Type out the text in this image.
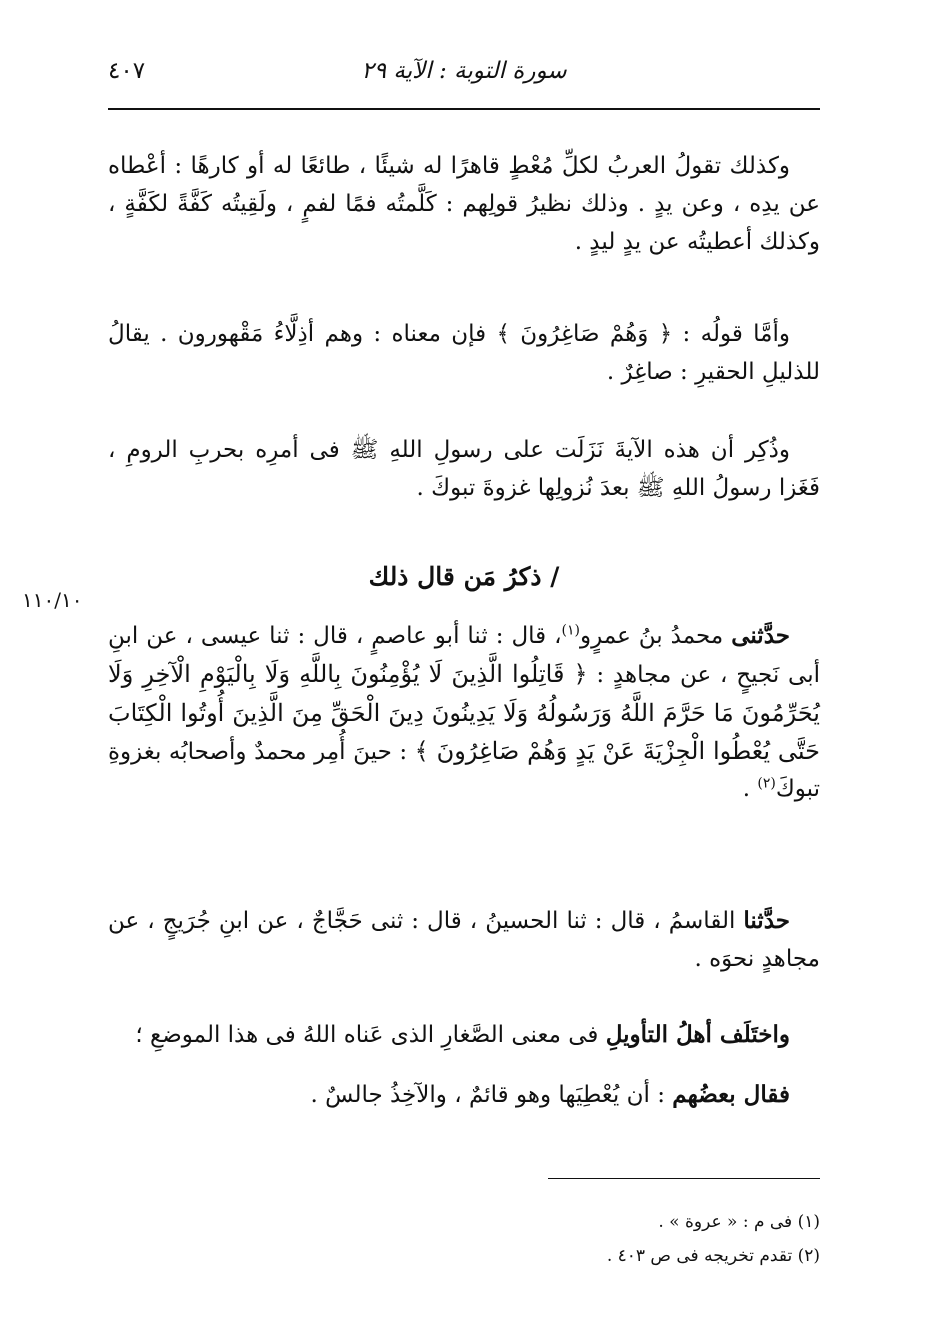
سورة التوبة : الآية ٢٩
٤٠٧

وكذلك تقولُ العربُ لكلِّ مُعْطٍ قاهرًا له شيئًا ، طائعًا له أو كارهًا : أعْطاه عن يدِه ، وعن يدٍ . وذلك نظيرُ قولِهم : كَلَّمتُه فمًا لفمٍ ، ولَقِيتُه كَفَّةً لكَفَّةٍ ، وكذلك أعطيتُه عن يدٍ ليدٍ .

وأمَّا قولُه : ﴿ وَهُمْ صَاغِرُونَ ﴾ فإن معناه : وهم أذِلَّاءُ مَقْهورون . يقالُ للذليلِ الحقيرِ : صاغِرٌ .

وذُكِر أن هذه الآيةَ نَزَلَت على رسولِ اللهِ ﷺ فى أمرِه بحربِ الرومِ ، فَغَزا رسولُ اللهِ ﷺ بعدَ نُزولِها غزوةَ تبوكَ .

/ ذكرُ مَن قال ذلك
١١٠/١٠

حدَّثنى محمدُ بنُ عمرٍو$^{(١)}$، قال : ثنا أبو عاصمٍ ، قال : ثنا عيسى ، عن ابنِ أبى نَجيحٍ ، عن مجاهدٍ : ﴿ قَاتِلُوا الَّذِينَ لَا يُؤْمِنُونَ بِاللَّهِ وَلَا بِالْيَوْمِ الْآخِرِ وَلَا يُحَرِّمُونَ مَا حَرَّمَ اللَّهُ وَرَسُولُهُ وَلَا يَدِينُونَ دِينَ الْحَقِّ مِنَ الَّذِينَ أُوتُوا الْكِتَابَ حَتَّى يُعْطُوا الْجِزْيَةَ عَنْ يَدٍ وَهُمْ صَاغِرُونَ ﴾ : حينَ أُمِر محمدٌ وأصحابُه بغزوةِ تبوكَ$^{(٢)}$ .

حدَّثنا القاسمُ ، قال : ثنا الحسينُ ، قال : ثنى حَجَّاجٌ ، عن ابنِ جُرَيجٍ ، عن مجاهدٍ نحوَه .

واختَلَف أهلُ التأويلِ فى معنى الصَّغارِ الذى عَناه اللهُ فى هذا الموضعِ ؛

فقال بعضُهم : أن يُعْطِيَها وهو قائمٌ ، والآخِذُ جالسٌ .

(١) فى م : « عروة » .
(٢) تقدم تخريجه فى ص ٤٠٣ .
